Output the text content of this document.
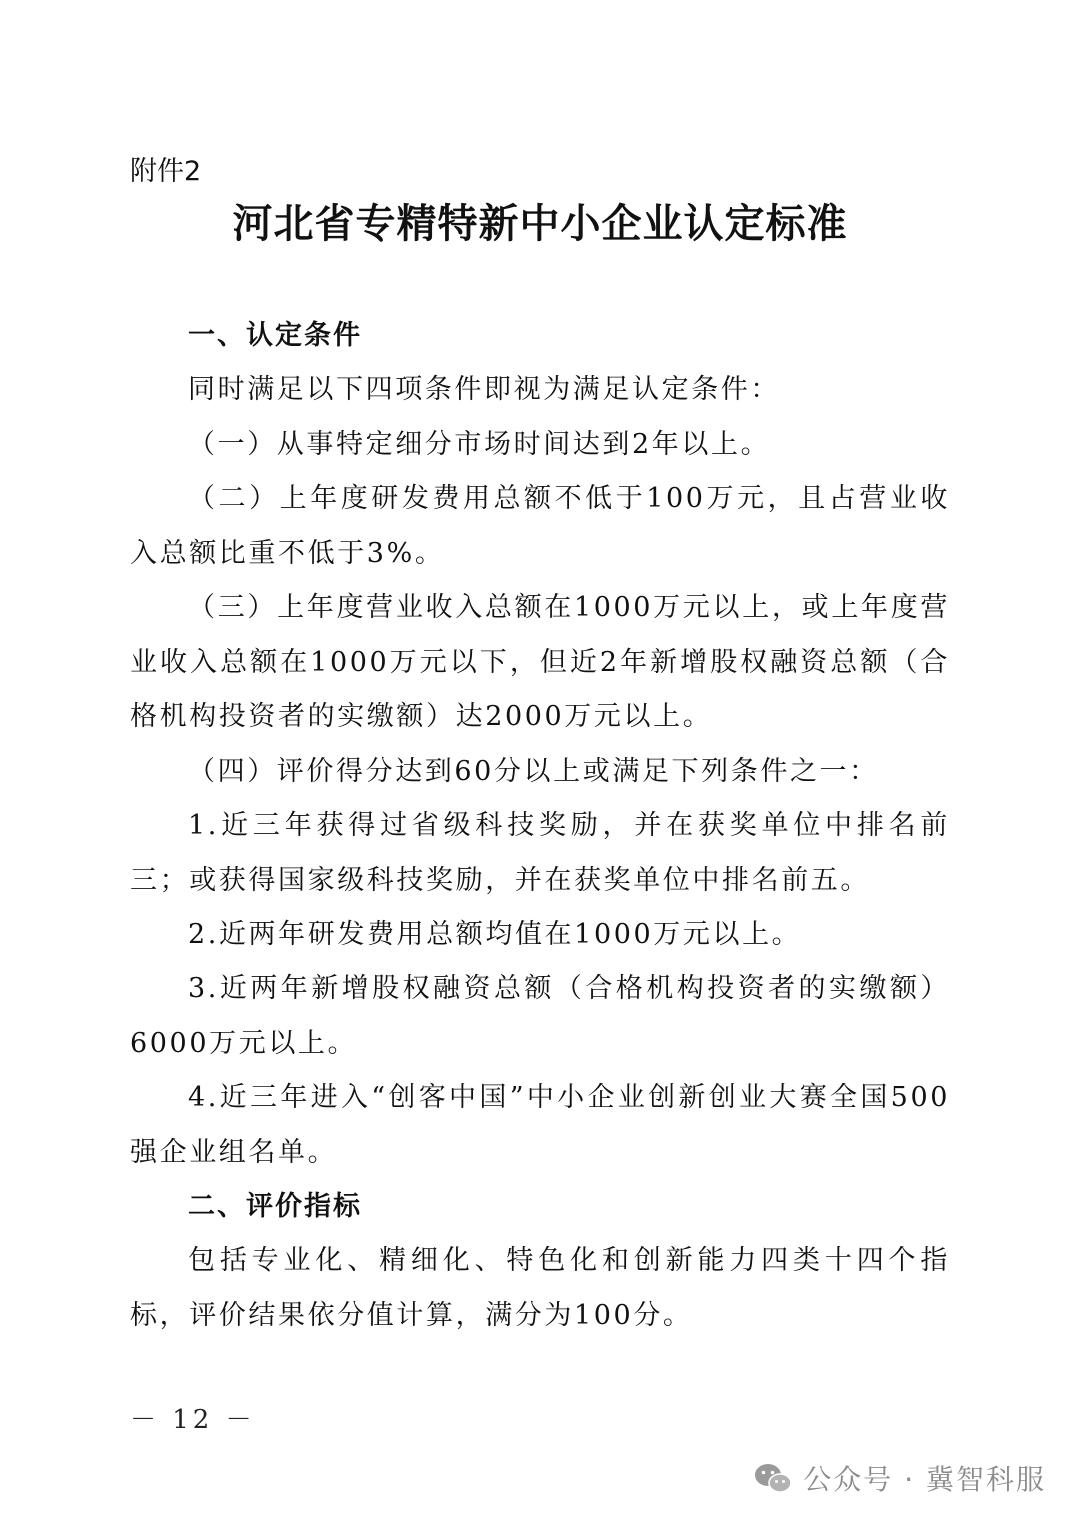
附件2
河北省专精特新中小企业认定标准
一、认定条件
同时满足以下四项条件即视为满足认定条件：
（一）从事特定细分市场时间达到2年以上。
（二）上年度研发费用总额不低于100万元，且占营业收入总额比重不低于3%。
（三）上年度营业收入总额在1000万元以上，或上年度营业收入总额在1000万元以下，但近2年新增股权融资总额（合格机构投资者的实缴额）达2000万元以上。
（四）评价得分达到60分以上或满足下列条件之一：
1.近三年获得过省级科技奖励，并在获奖单位中排名前三；或获得国家级科技奖励，并在获奖单位中排名前五。
2.近两年研发费用总额均值在1000万元以上。
3.近两年新增股权融资总额（合格机构投资者的实缴额）6000万元以上。
4.近三年进入“创客中国”中小企业创新创业大赛全国500强企业组名单。
二、评价指标
包括专业化、精细化、特色化和创新能力四类十四个指标，评价结果依分值计算，满分为100分。
－ 12 －
公众号 · 冀智科服
